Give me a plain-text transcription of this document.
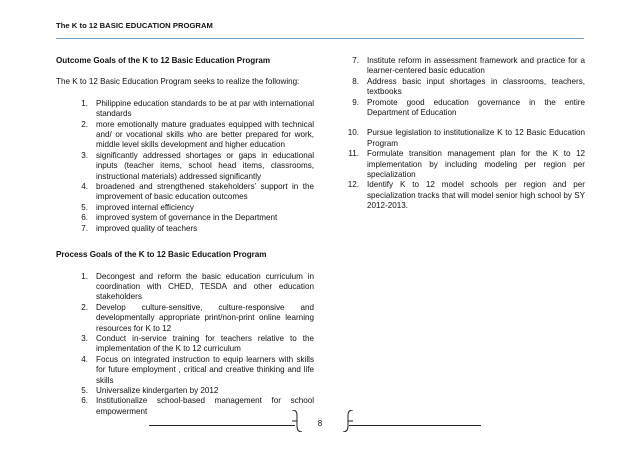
The K to 12 BASIC EDUCATION PROGRAM
Outcome Goals of the K to 12 Basic Education Program
The K to 12 Basic Education Program seeks to realize the following:
1. Philippine education standards to be at par with international standards
2. more emotionally mature graduates equipped with technical and/ or vocational skills who are better prepared for work, middle level skills development and higher education
3. significantly addressed shortages or gaps in educational inputs (teacher items, school head items, classrooms, instructional materials) addressed significantly
4. broadened and strengthened stakeholders’ support in the improvement of basic education outcomes
5. improved internal efficiency
6. improved system of governance in the Department
7. improved quality of teachers
Process Goals of the K to 12 Basic Education Program
1. Decongest and reform the basic education curriculum in coordination with CHED, TESDA and other education stakeholders
2. Develop culture-sensitive, culture-responsive and developmentally appropriate print/non-print online learning resources for K to 12
3. Conduct in-service training for teachers relative to the implementation of the K to 12 curriculum
4. Focus on integrated instruction to equip learners with skills for future employment , critical and creative thinking and life skills
5. Universalize kindergarten by 2012
6. Institutionalize school-based management for school empowerment
7. Institute reform in assessment framework and practice for a learner-centered basic education
8. Address basic input shortages in classrooms, teachers, textbooks
9. Promote good education governance in the entire Department of Education
10. Pursue legislation to institutionalize K to 12 Basic Education Program
11. Formulate transition management plan for the K to 12 implementation by including modeling per region per specialization
12. Identify K to 12 model schools per region and per specialization tracks that will model senior high school by SY 2012-2013.
8
